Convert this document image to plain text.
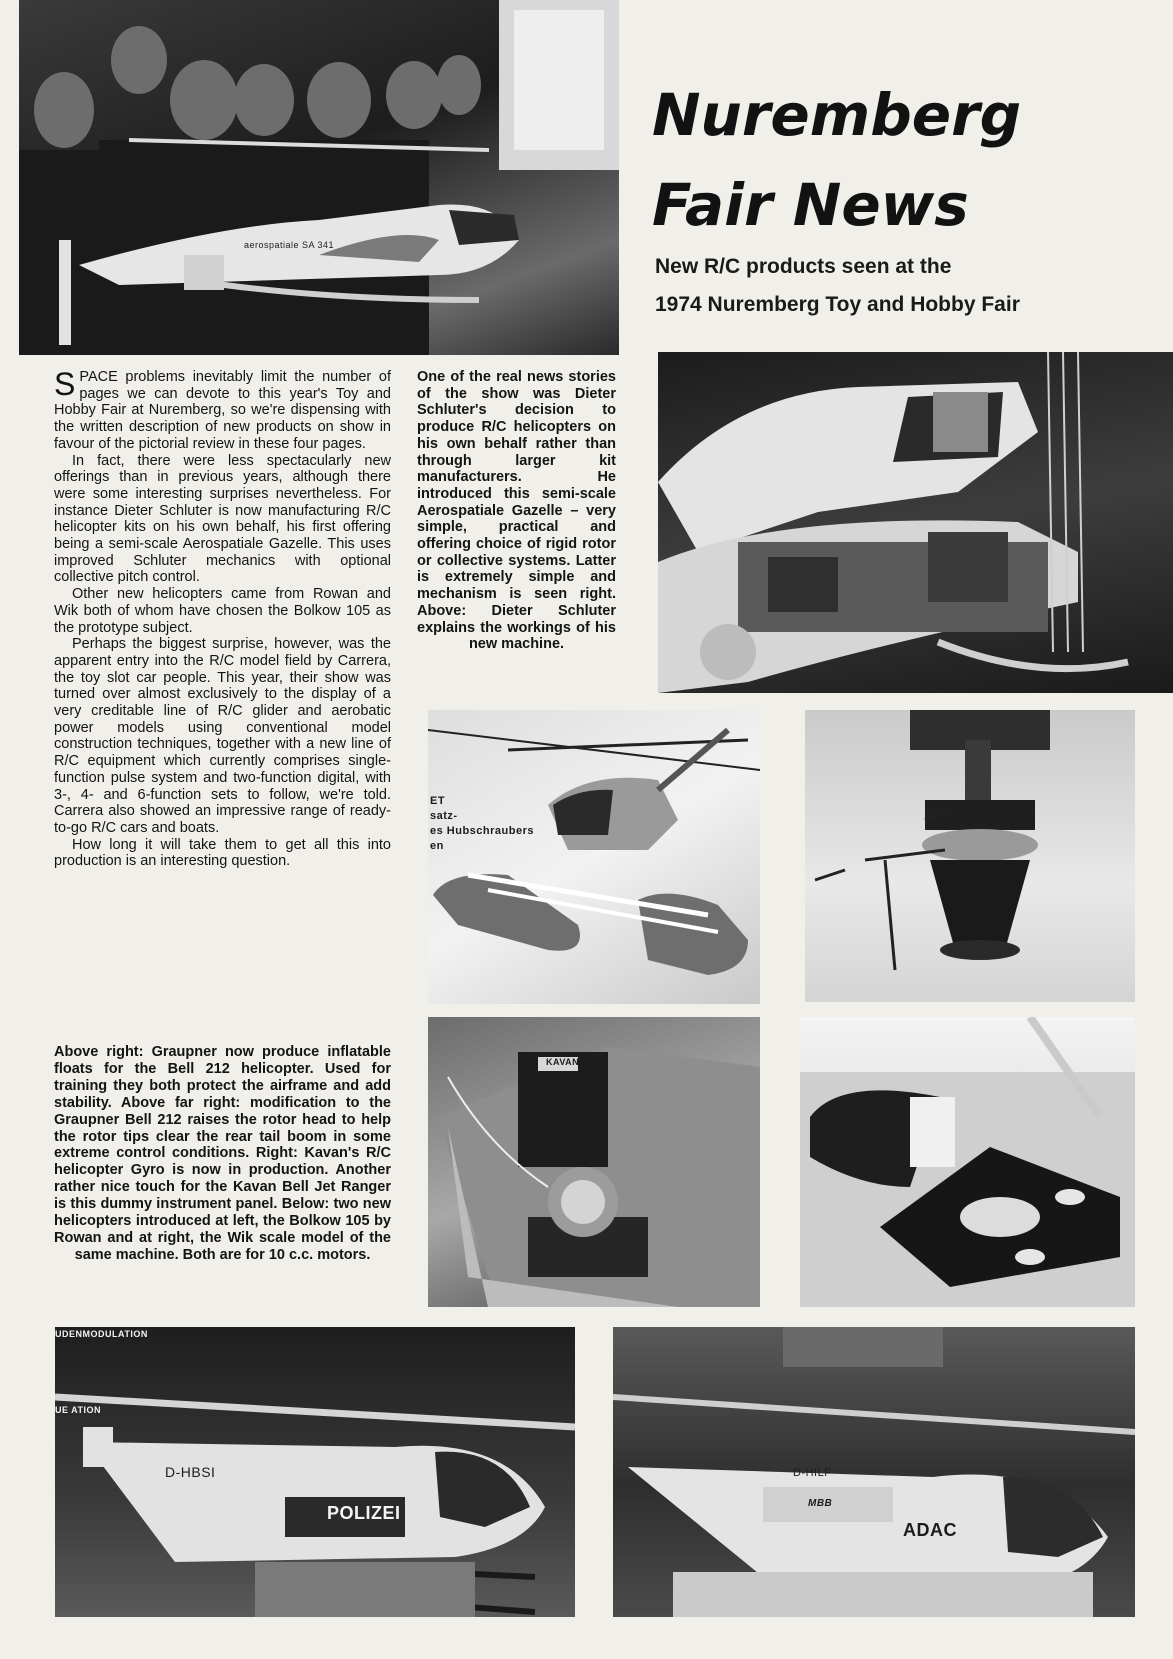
aerospatiale SA 341
Schlüter
Nuremberg
Fair News
New R/C products seen at the
1974 Nuremberg Toy and Hobby Fair

SPACE problems inevitably limit the number of pages we can devote to this year's Toy and Hobby Fair at Nuremberg, so we're dispensing with the written description of new products on show in favour of the pictorial review in these four pages.

In fact, there were less spectacularly new offerings than in previous years, although there were some interesting surprises nevertheless. For instance Dieter Schluter is now manufacturing R/C helicopter kits on his own behalf, his first offering being a semi-scale Aerospatiale Gazelle. This uses improved Schluter mechanics with optional collective pitch control.

Other new helicopters came from Rowan and Wik both of whom have chosen the Bolkow 105 as the prototype subject.

Perhaps the biggest surprise, however, was the apparent entry into the R/C model field by Carrera, the toy slot car people. This year, their show was turned over almost exclusively to the display of a very creditable line of R/C glider and aerobatic power models using conventional model construction techniques, together with a new line of R/C equipment which currently comprises single-function pulse system and two-function digital, with 3-, 4- and 6-function sets to follow, we're told. Carrera also showed an impressive range of ready-to-go R/C cars and boats.

How long it will take them to get all this into production is an interesting question.

Above right: Graupner now produce inflatable floats for the Bell 212 helicopter. Used for training they both protect the airframe and add stability. Above far right: modification to the Graupner Bell 212 raises the rotor head to help the rotor tips clear the rear tail boom in some extreme control conditions. Right: Kavan's R/C helicopter Gyro is now in production. Another rather nice touch for the Kavan Bell Jet Ranger is this dummy instrument panel. Below: two new helicopters introduced at left, the Bolkow 105 by Rowan and at right, the Wik scale model of the same machine. Both are for 10 c.c. motors.

One of the real news stories of the show was Dieter Schluter's decision to produce R/C helicopters on his own behalf rather than through larger kit manufacturers. He introduced this semi-scale Aerospatiale Gazelle – very simple, practical and offering choice of rigid rotor or collective systems. Latter is extremely simple and mechanism is seen right. Above: Dieter Schluter explains the workings of his new machine.

ET
satz-
es Hubschraubers
en
KAVAN
UDENMODULATION
UE ATION
D-HBSI
POLIZEI
D-HILF
MBB
ADAC
